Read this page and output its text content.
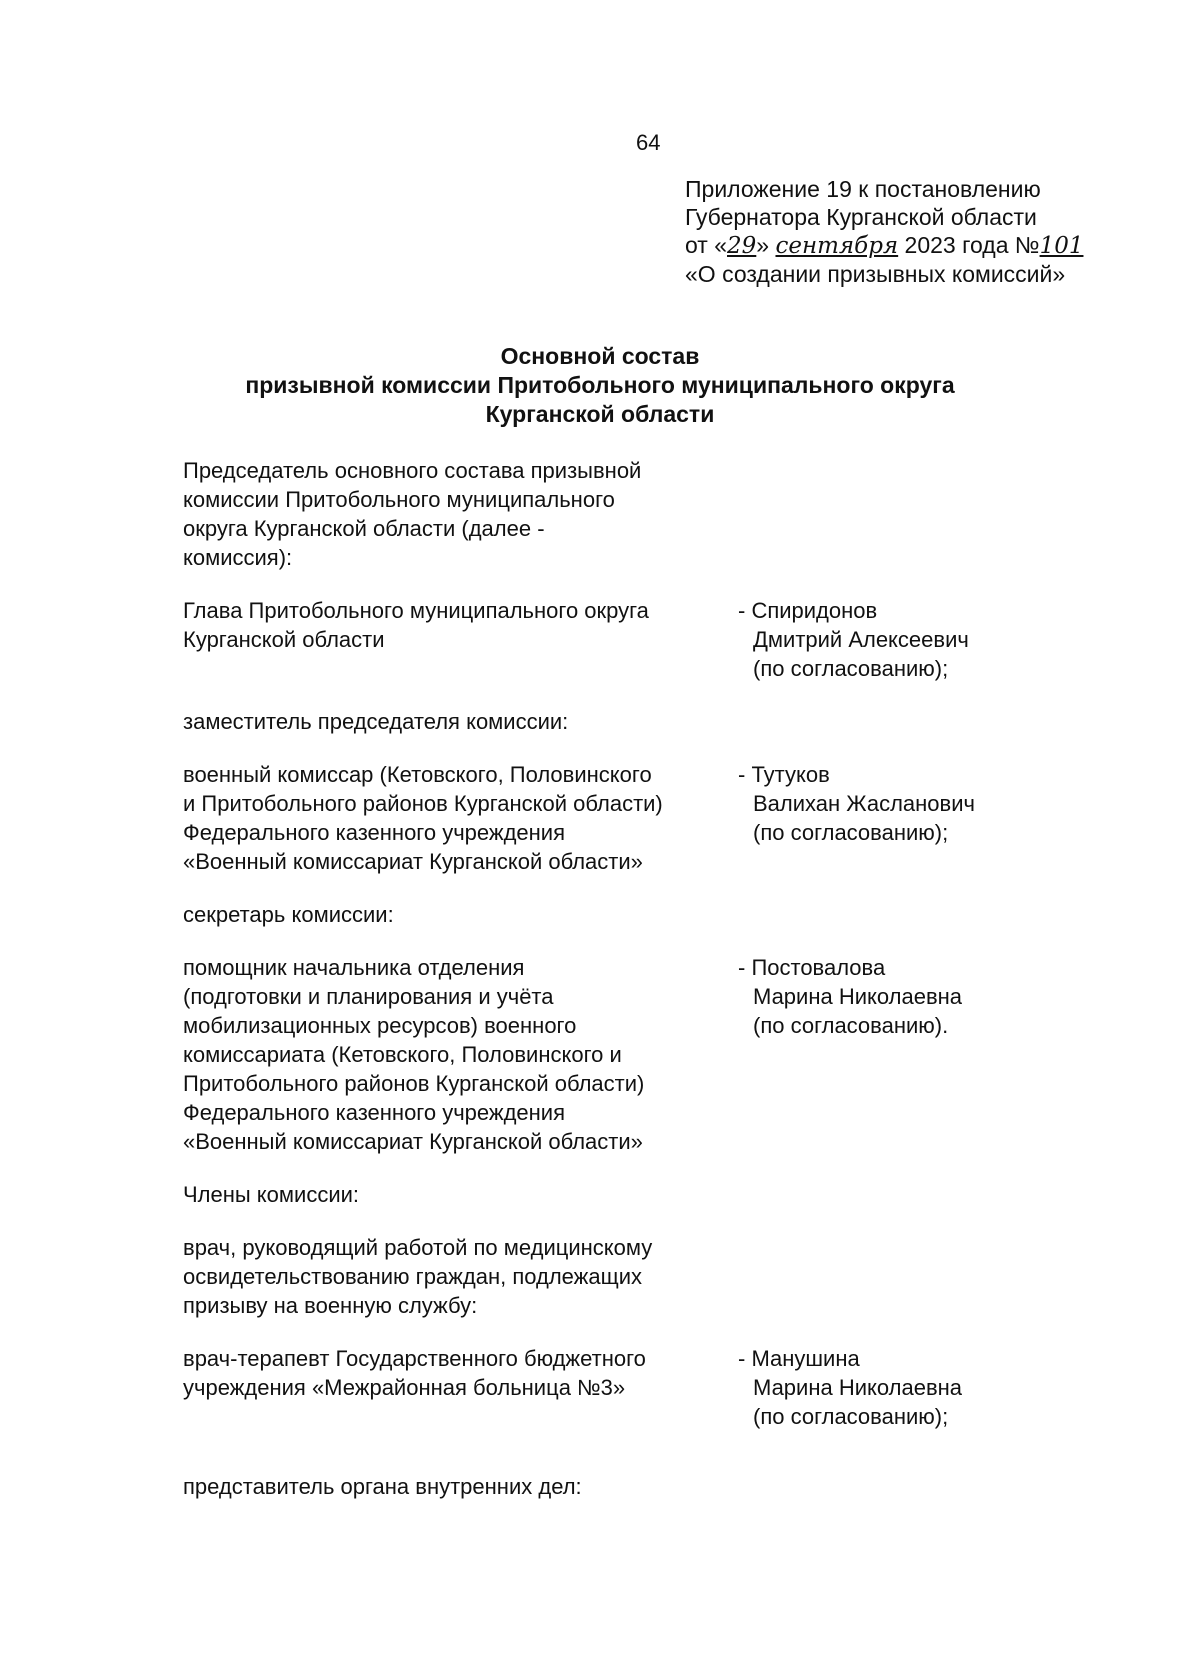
64
Приложение 19 к постановлению
Губернатора Курганской области
от «29» сентября 2023 года №101
«О создании призывных комиссий»
Основной состав
призывной комиссии Притобольного муниципального округа
Курганской области
Председатель основного состава призывной
комиссии Притобольного муниципального
округа Курганской области (далее -
комиссия):
Глава Притобольного муниципального округа
Курганской области
- Спиридонов
Дмитрий Алексеевич
(по согласованию);
заместитель председателя комиссии:
военный комиссар (Кетовского, Половинского
и Притобольного районов Курганской области)
Федерального казенного учреждения
«Военный комиссариат Курганской области»
- Тутуков
Валихан Жасланович
(по согласованию);
секретарь комиссии:
помощник начальника отделения
(подготовки и планирования и учёта
мобилизационных ресурсов) военного
комиссариата (Кетовского, Половинского и
Притобольного районов Курганской области)
Федерального казенного учреждения
«Военный комиссариат Курганской области»
- Постовалова
Марина Николаевна
(по согласованию).
Члены комиссии:
врач, руководящий работой по медицинскому
освидетельствованию граждан, подлежащих
призыву на военную службу:
врач-терапевт Государственного бюджетного
учреждения «Межрайонная больница №3»
- Манушина
Марина Николаевна
(по согласованию);
представитель органа внутренних дел:
